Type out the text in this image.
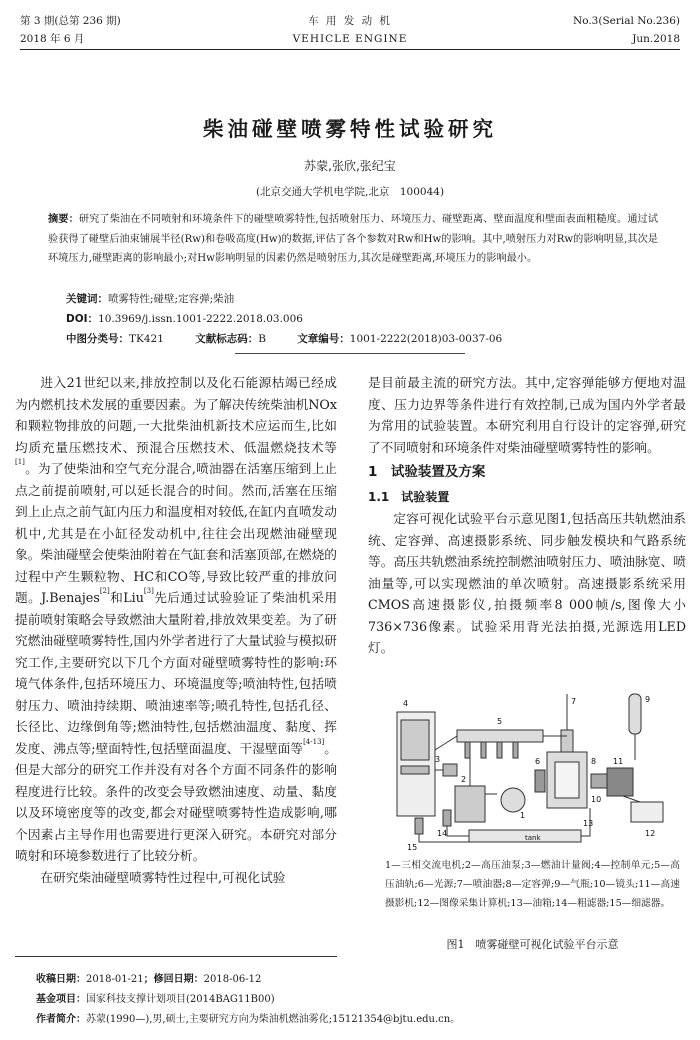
第 3 期(总第 236 期)
2018 年 6 月
车 用 发 动 机
VEHICLE ENGINE
No.3(Serial No.236)
Jun.2018
柴油碰壁喷雾特性试验研究
苏蒙,张欣,张纪宝
(北京交通大学机电学院,北京　100044)
摘要：研究了柴油在不同喷射和环境条件下的碰壁喷雾特性,包括喷射压力、环境压力、碰壁距离、壁面温度和壁面表面粗糙度。通过试验获得了碰壁后油束铺展半径(Rw)和卷吸高度(Hw)的数据,评估了各个参数对Rw和Hw的影响。其中,喷射压力对Rw的影响明显,其次是环境压力,碰壁距离的影响最小;对Hw影响明显的因素仍然是喷射压力,其次是碰壁距离,环境压力的影响最小。
关键词：喷雾特性;碰壁;定容弹;柴油
DOI：10.3969/j.issn.1001-2222.2018.03.006
中图分类号：TK421	文献标志码：B	文章编号：1001-2222(2018)03-0037-06

进入21世纪以来,排放控制以及化石能源枯竭已经成为内燃机技术发展的重要因素。为了解决传统柴油机NOx和颗粒物排放的问题,一大批柴油机新技术应运而生,比如均质充量压燃技术、预混合压燃技术、低温燃烧技术等[1]。为了使柴油和空气充分混合,喷油器在活塞压缩到上止点之前提前喷射,可以延长混合的时间。然而,活塞在压缩到上止点之前气缸内压力和温度相对较低,在缸内直喷发动机中,尤其是在小缸径发动机中,往往会出现燃油碰壁现象。柴油碰壁会使柴油附着在气缸套和活塞顶部,在燃烧的过程中产生颗粒物、HC和CO等,导致比较严重的排放问题。J.Benajes[2]和Liu[3]先后通过试验验证了柴油机采用提前喷射策略会导致燃油大量附着,排放效果变差。为了研究燃油碰壁喷雾特性,国内外学者进行了大量试验与模拟研究工作,主要研究以下几个方面对碰壁喷雾特性的影响:环境气体条件,包括环境压力、环境温度等;喷油特性,包括喷射压力、喷油持续期、喷油速率等;喷孔特性,包括孔径、长径比、边缘倒角等;燃油特性,包括燃油温度、黏度、挥发度、沸点等;壁面特性,包括壁面温度、干湿壁面等[4-13]。但是大部分的研究工作并没有对各个方面不同条件的影响程度进行比较。条件的改变会导致燃油速度、动量、黏度以及环境密度等的改变,都会对碰壁喷雾特性造成影响,哪个因素占主导作用也需要进行更深入研究。本研究对部分喷射和环境参数进行了比较分析。

在研究柴油碰壁喷雾特性过程中,可视化试验

是目前最主流的研究方法。其中,定容弹能够方便地对温度、压力边界等条件进行有效控制,已成为国内外学者最为常用的试验装置。本研究利用自行设计的定容弹,研究了不同喷射和环境条件对柴油碰壁喷雾特性的影响。

1　试验装置及方案
1.1　试验装置

定容可视化试验平台示意见图1,包括高压共轨燃油系统、定容弹、高速摄影系统、同步触发模块和气路系统等。高压共轨燃油系统控制燃油喷射压力、喷油脉宽、喷油量等,可以实现燃油的单次喷射。高速摄影系统采用CMOS高速摄影仪,拍摄频率8 000帧/s,图像大小736×736像素。试验采用背光法拍摄,光源选用LED灯。

tank
1
2
3
4
5
6
7
8
9
10
11
12
13
14
15
1—三相交流电机;2—高压油泵;3—燃油计量阀;4—控制单元;5—高压油轨;6—光源;7—喷油器;8—定容弹;9—气瓶;10—镜头;11—高速摄影机;12—图像采集计算机;13—油箱;14—粗滤器;15—细滤器。
图1　喷雾碰壁可视化试验平台示意
收稿日期：2018-01-21；修回日期：2018-06-12
基金项目：国家科技支撑计划项目(2014BAG11B00)
作者简介：苏蒙(1990—),男,硕士,主要研究方向为柴油机燃油雾化;15121354@bjtu.edu.cn。
